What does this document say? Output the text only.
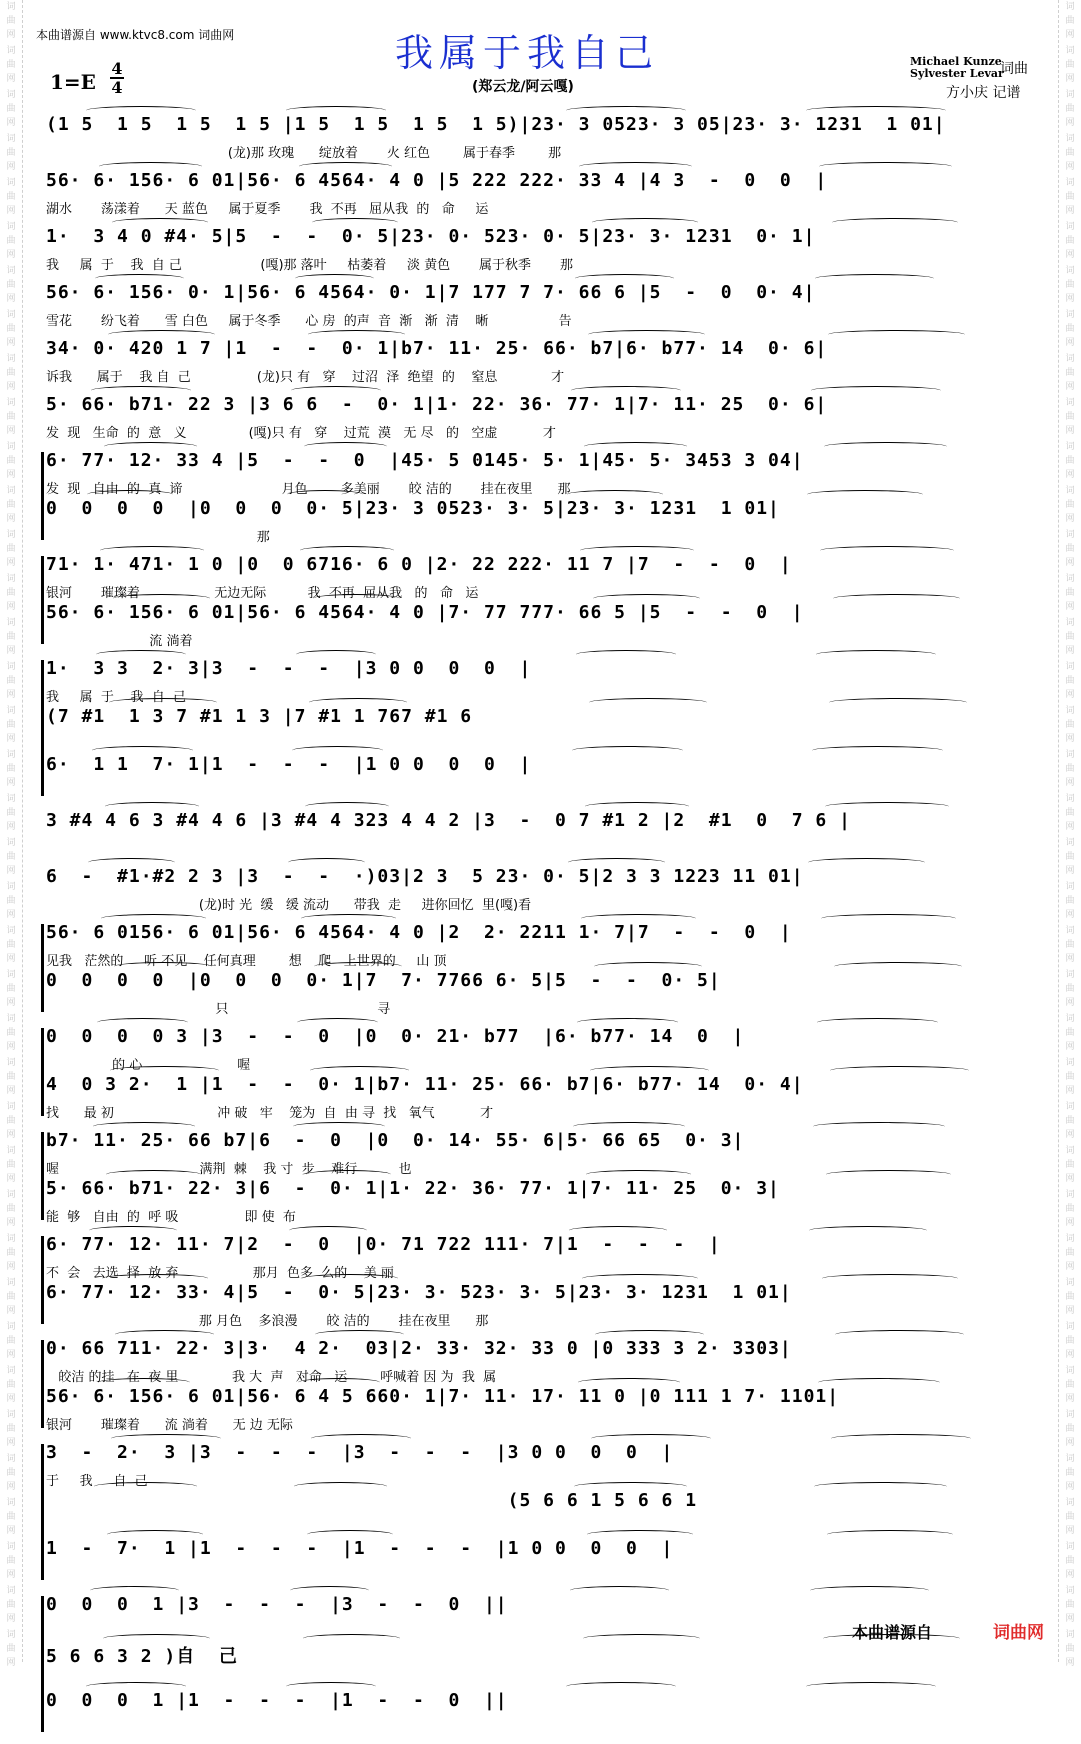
词
曲
网
词
曲
网
词
曲
网
词
曲
网
词
曲
网
词
曲
网
词
曲
网
词
曲
网
词
曲
网
词
曲
网
词
曲
网
词
曲
网
词
曲
网
词
曲
网
词
曲
网
词
曲
网
词
曲
网
词
曲
网
词
曲
网
词
曲
网
词
曲
网
词
曲
网
词
曲
网
词
曲
网
词
曲
网
词
曲
网
词
曲
网
词
曲
网
词
曲
网
词
曲
网
词
曲
网
词
曲
网
词
曲
网
词
曲
网
词
曲
网
词
曲
网
词
曲
网
词
曲
网
词
曲
网
词
曲
网
词
曲
网
词
曲
网
词
曲
网
词
曲
网
词
曲
网
词
曲
网
词
曲
网
词
曲
网
词
曲
网
词
曲
网
词
曲
网
词
曲
网
词
曲
网
词
曲
网
词
曲
网
词
曲
网
词
曲
网
词
曲
网
词
曲
网
词
曲
网
词
曲
网
词
曲
网
词
曲
网
词
曲
网
词
曲
网
词
曲
网
词
曲
网
词
曲
网
词
曲
网
词
曲
网
词
曲
网
词
曲
网
词
曲
网
词
曲
网
词
曲
网
词
曲
网
本曲谱源自 www.ktvc8.com 词曲网	我属于我自己
(郑云龙/阿云嘎)
1=E
4
4
Michael Kunze
Sylvester Levar
词曲
方小庆 记谱
(1 5  1 5  1 5  1 5 |1 5  1 5  1 5  1 5)|23· 3 0523· 3 05|23· 3· 1231  1 01|
(龙)那 玫瑰      绽放着       火 红色        属于春季        那
56· 6· 156· 6 01|56· 6 4564· 4 0 |5 222 222· 33 4 |4 3  -  0  0  |
湖水       荡漾着      天 蓝色     属于夏季       我  不再   屈从我  的   命     运
1·  3 4 0 #4· 5|5  -  -  0· 5|23· 0· 523· 0· 5|23· 3· 1231  0· 1|
我     属  于    我  自 己                   (嘎)那 落叶     枯萎着     淡 黄色       属于秋季       那
56· 6· 156· 0· 1|56· 6 4564· 0· 1|7 177 7 7· 66 6 |5  -  0  0· 4|
雪花       纷飞着      雪 白色     属于冬季      心 房  的声  音  渐   渐  清    晰                 告
34· 0· 420 1 7 |1  -  -  0· 1|b7· 11· 25· 66· b7|6· b77· 14  0· 6|
诉我      属于    我 自  己                (龙)只 有   穿    过沼  泽  绝望  的    窒息             才
5· 66· b71· 22 3 |3 6 6  -  0· 1|1· 22· 36· 77· 1|7· 11· 25  0· 6|
发  现   生命  的  意   义               (嘎)只 有   穿    过荒  漠   无 尽   的   空虚           才
6· 77· 12· 33 4 |5  -  -  0  |45· 5 0145· 5· 1|45· 5· 3453 3 04|
发  现   自由  的  真  谛                        月色        多美丽       皎 洁的       挂在夜里      那
0  0  0  0  |0  0  0  0· 5|23· 3 0523· 3· 5|23· 3· 1231  1 01|
那
71· 1· 471· 1 0 |0  0 6716· 6 0 |2· 22 222· 11 7 |7  -  -  0  |
银河       璀璨着                  无边无际          我  不再  屈从我   的   命   运
56· 6· 156· 6 01|56· 6 4564· 4 0 |7· 77 777· 66 5 |5  -  -  0  |
流 淌着
1·  3 3  2· 3|3  -  -  -  |3 0 0  0  0  |
我     属  于    我  自  己
(7 #1  1 3 7 #1 1 3 |7 #1 1 767 #1 6
6·  1 1  7· 1|1  -  -  -  |1 0 0  0  0  |
3 #4 4 6 3 #4 4 6 |3 #4 4 323 4 4 2 |3  -  0 7 #1 2 |2  #1  0  7 6 |
6  -  #1·#2 2 3 |3  -  -  ·)03|2 3  5 23· 0· 5|2 3 3 1223 11 01|
(龙)时 光  缓   缓 流动      带我  走     进你回忆  里(嘎)看
56· 6 0156· 6 01|56· 6 4564· 4 0 |2  2· 2211 1· 7|7  -  -  0  |
见我   茫然的     听 不见    任何真理        想    爬   上世界的     山 顶
0  0  0  0  |0  0  0  0· 1|7  7· 7766 6· 5|5  -  -  0· 5|
只                                    寻
0  0  0  0 3 |3  -  -  0  |0  0· 21· b77  |6· b77· 14  0  |
的 心                       喔
4  0 3 2·  1 |1  -  -  0· 1|b7· 11· 25· 66· b7|6· b77· 14  0· 4|
找      最 初                         冲 破   牢    笼为  自  由 寻  找   氧气           才
b7· 11· 25· 66 b7|6  -  0  |0  0· 14· 55· 6|5· 66 65  0· 3|
喔                                  满荆  棘    我 寸  步    难行          也
5· 66· b71· 22· 3|6  -  0· 1|1· 22· 36· 77· 1|7· 11· 25  0· 3|
能  够   自由  的  呼 吸                即 使  布
6· 77· 12· 11· 7|2  -  0  |0· 71 722 111· 7|1  -  -  -  |
不  会   去选  择  放 弃                  那月  色多  么的    美 丽
6· 77· 12· 33· 4|5  -  0· 5|23· 3· 523· 3· 5|23· 3· 1231  1 01|
那 月色    多浪漫       皎 洁的       挂在夜里      那
0· 66 711· 22· 3|3·  4 2·  03|2· 33· 32· 33 0 |0 333 3 2· 3303|
皎洁 的挂   在  夜 里             我 大  声   对命   运        呼喊着 因 为  我  属
56· 6· 156· 6 01|56· 6 4 5 660· 1|7· 11· 17· 11 0 |0 111 1 7· 1101|
银河       璀璨着      流 淌着      无 边 无际
3  -  2·  3 |3  -  -  -  |3  -  -  -  |3 0 0  0  0  |
于     我     自  己
(5 6 6 1 5 6 6 1
1  -  7·  1 |1  -  -  -  |1  -  -  -  |1 0 0  0  0  |
0  0  0  1 |3  -  -  -  |3  -  -  0  ||
5 6 6 3 2 )自  己
0  0  0  1 |1  -  -  -  |1  -  -  0  ||
本曲谱源自	词曲网
